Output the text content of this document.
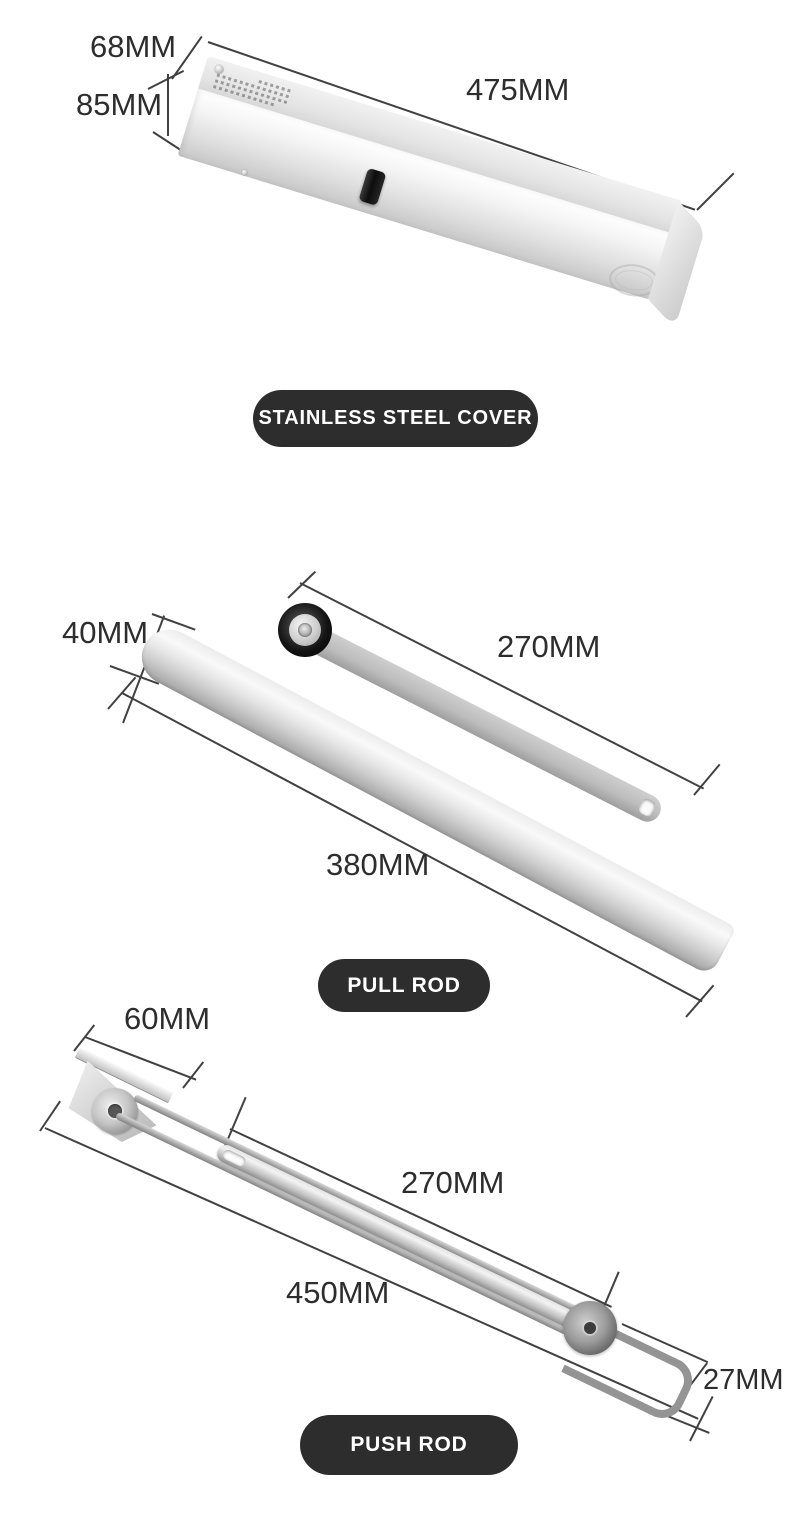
68MM
85MM	475MM
STAINLESS STEEL COVER
40MM	270MM
380MM
PULL ROD
60MM
270MM
450MM
27MM
PUSH ROD
